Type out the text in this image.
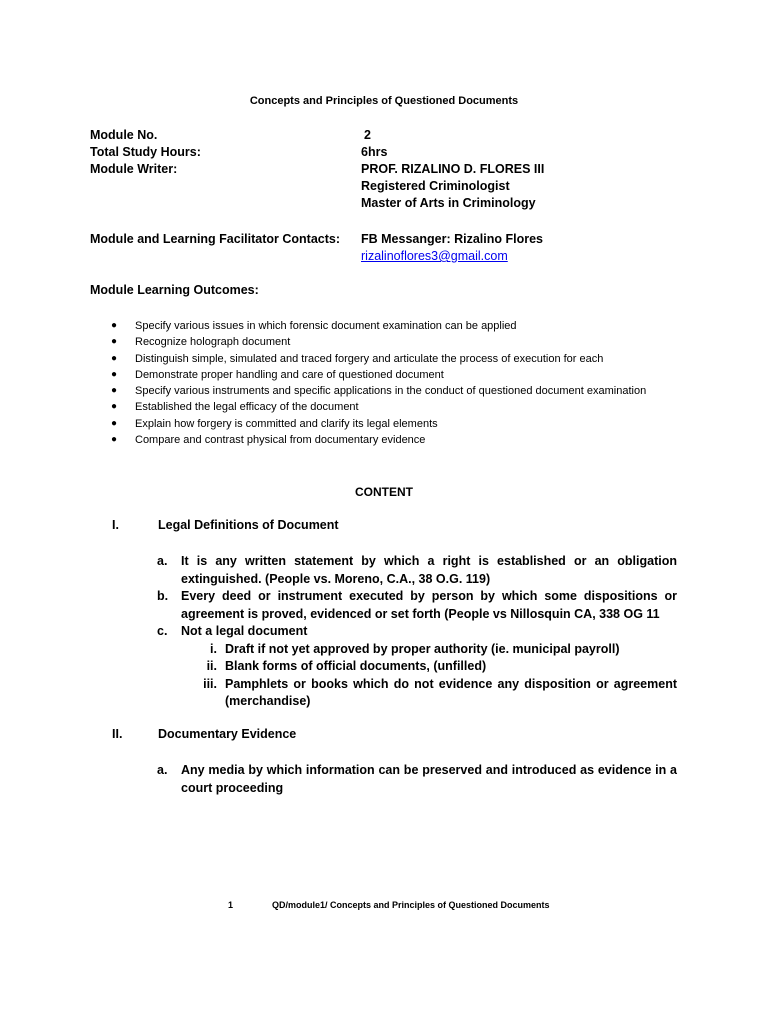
Concepts and Principles of Questioned Documents
Module No.	2
Total Study Hours:	6hrs
Module Writer:	PROF. RIZALINO D. FLORES III
Registered Criminologist
Master of Arts in Criminology
Module and Learning Facilitator Contacts: FB Messanger: Rizalino Flores
rizalinoflores3@gmail.com
Module Learning Outcomes:
● Specify various issues in which forensic document examination can be applied
● Recognize holograph document
● Distinguish simple, simulated and traced forgery and articulate the process of execution for each
● Demonstrate proper handling and care of questioned document
● Specify various instruments and specific applications in the conduct of questioned document examination
● Established the legal efficacy of the document
● Explain how forgery is committed and clarify its legal elements
● Compare and contrast physical from documentary evidence
CONTENT
I.	Legal Definitions of Document
a. It is any written statement by which a right is established or an obligation extinguished. (People vs. Moreno, C.A., 38 O.G. 119)
b. Every deed or instrument executed by person by which some dispositions or agreement is proved, evidenced or set forth (People vs Nillosquin CA, 338 OG 11
c. Not a legal document
i. Draft if not yet approved by proper authority (ie. municipal payroll)
ii. Blank forms of official documents, (unfilled)
iii. Pamphlets or books which do not evidence any disposition or agreement (merchandise)
II.	Documentary Evidence
a. Any media by which information can be preserved and introduced as evidence in a court proceeding
1	QD/module1/ Concepts and Principles of Questioned Documents
